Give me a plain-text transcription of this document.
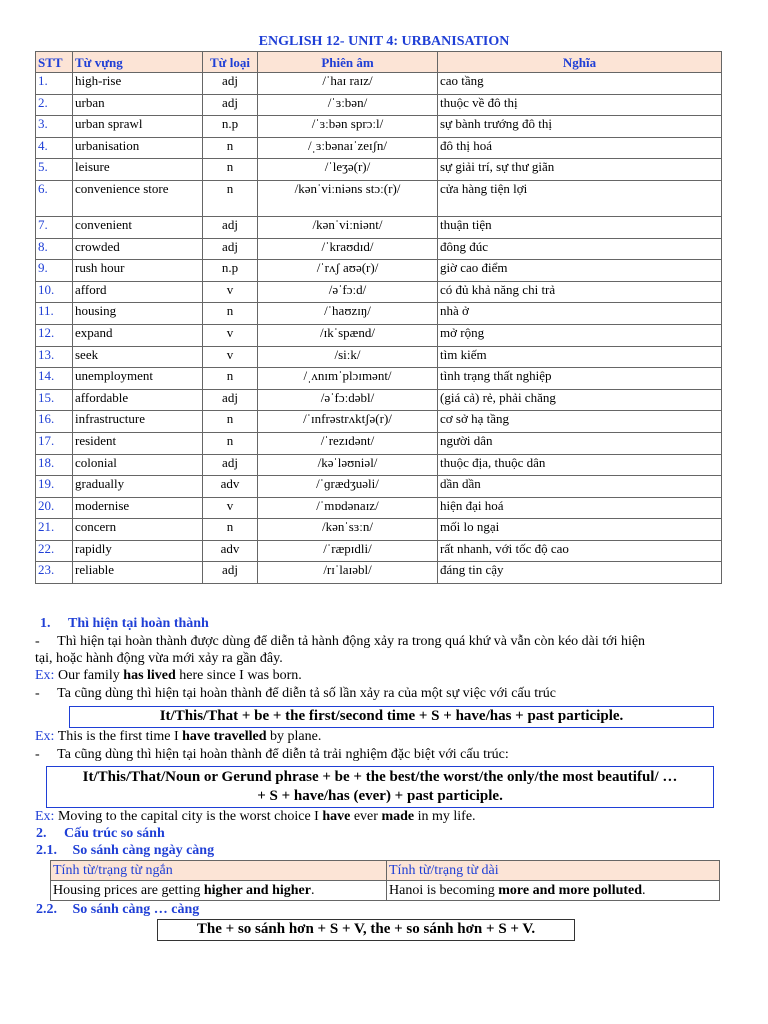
ENGLISH 12- UNIT 4: URBANISATION
STT	Từ vựng	Từ loại	Phiên âm	Nghĩa
1.	high-rise	adj	/ˈhaɪ raɪz/	cao tầng
2.	urban	adj	/ˈɜːbən/	thuộc về đô thị
3.	urban sprawl	n.p	/ˈɜːbən sprɔːl/	sự bành trướng đô thị
4.	urbanisation	n	/ˌɜːbənaɪˈzeɪʃn/	đô thị hoá
5.	leisure	n	/ˈleʒə(r)/	sự giải trí, sự thư giãn
6.	convenience store	n	/kənˈviːniəns stɔː(r)/	cửa hàng tiện lợi
7.	convenient	adj	/kənˈviːniənt/	thuận tiện
8.	crowded	adj	/ˈkraʊdɪd/	đông đúc
9.	rush hour	n.p	/ˈrʌʃ aʊə(r)/	giờ cao điểm
10.	afford	v	/əˈfɔːd/	có đủ khả năng chi trả
11.	housing	n	/ˈhaʊzɪŋ/	nhà ở
12.	expand	v	/ɪkˈspænd/	mở rộng
13.	seek	v	/siːk/	tìm kiếm
14.	unemployment	n	/ˌʌnɪmˈplɔɪmənt/	tình trạng thất nghiệp
15.	affordable	adj	/əˈfɔːdəbl/	(giá cả) rẻ, phải chăng
16.	infrastructure	n	/ˈɪnfrəstrʌktʃə(r)/	cơ sở hạ tầng
17.	resident	n	/ˈrezɪdənt/	người dân
18.	colonial	adj	/kəˈləʊniəl/	thuộc địa, thuộc dân
19.	gradually	adv	/ˈɡrædʒuəli/	dần dần
20.	modernise	v	/ˈmɒdənaɪz/	hiện đại hoá
21.	concern	n	/kənˈsɜːn/	mối lo ngại
22.	rapidly	adv	/ˈræpɪdli/	rất nhanh, với tốc độ cao
23.	reliable	adj	/rɪˈlaɪəbl/	đáng tin cậy
1. Thì hiện tại hoàn thành
- Thì hiện tại hoàn thành được dùng để diễn tả hành động xảy ra trong quá khứ và vẫn còn kéo dài tới hiện
tại, hoặc hành động vừa mới xảy ra gần đây.
Ex: Our family has lived here since I was born.
- Ta cũng dùng thì hiện tại hoàn thành để diễn tả số lần xảy ra của một sự việc với cấu trúc
It/This/That + be + the first/second time + S + have/has + past participle.
Ex: This is the first time I have travelled by plane.
- Ta cũng dùng thì hiện tại hoàn thành để diễn tả trải nghiệm đặc biệt với cấu trúc:
It/This/That/Noun or Gerund phrase + be + the best/the worst/the only/the most beautiful/ …
+ S + have/has (ever) + past participle.
Ex: Moving to the capital city is the worst choice I have ever made in my life.
2. Cấu trúc so sánh
2.1. So sánh càng ngày càng
Tính từ/trạng từ ngắn	Tính từ/trạng từ dài
Housing prices are getting higher and higher.	Hanoi is becoming more and more polluted.
2.2. So sánh càng … càng
The + so sánh hơn + S + V, the + so sánh hơn + S + V.
